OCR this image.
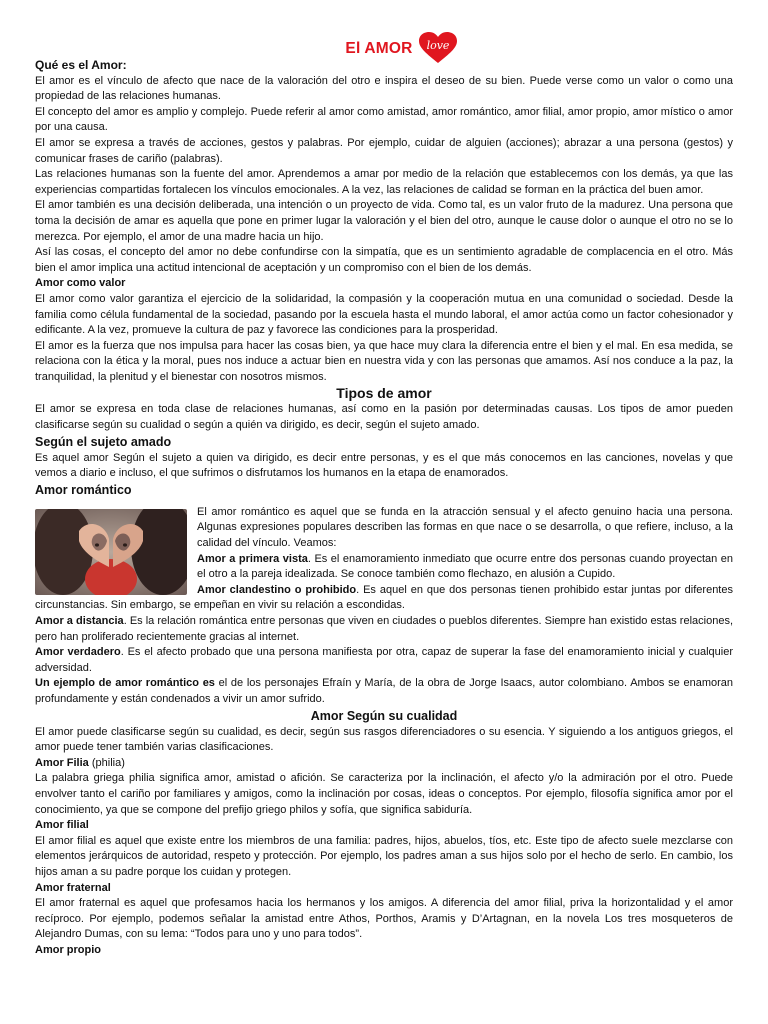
El AMOR love

Qué es el Amor:

El amor es el vínculo de afecto que nace de la valoración del otro e inspira el deseo de su bien. Puede verse como un valor o como una propiedad de las relaciones humanas.

El concepto del amor es amplio y complejo. Puede referir al amor como amistad, amor romántico, amor filial, amor propio, amor místico o amor por una causa.

El amor se expresa a través de acciones, gestos y palabras. Por ejemplo, cuidar de alguien (acciones); abrazar a una persona (gestos) y comunicar frases de cariño (palabras).

Las relaciones humanas son la fuente del amor. Aprendemos a amar por medio de la relación que establecemos con los demás, ya que las experiencias compartidas fortalecen los vínculos emocionales. A la vez, las relaciones de calidad se forman en la práctica del buen amor.

El amor también es una decisión deliberada, una intención o un proyecto de vida. Como tal, es un valor fruto de la madurez. Una persona que toma la decisión de amar es aquella que pone en primer lugar la valoración y el bien del otro, aunque le cause dolor o aunque el otro no se lo merezca. Por ejemplo, el amor de una madre hacia un hijo.

Así las cosas, el concepto del amor no debe confundirse con la simpatía, que es un sentimiento agradable de complacencia en el otro. Más bien el amor implica una actitud intencional de aceptación y un compromiso con el bien de los demás.

Amor como valor

El amor como valor garantiza el ejercicio de la solidaridad, la compasión y la cooperación mutua en una comunidad o sociedad. Desde la familia como célula fundamental de la sociedad, pasando por la escuela hasta el mundo laboral, el amor actúa como un factor cohesionador y edificante. A la vez, promueve la cultura de paz y favorece las condiciones para la prosperidad.

El amor es la fuerza que nos impulsa para hacer las cosas bien, ya que hace muy clara la diferencia entre el bien y el mal. En esa medida, se relaciona con la ética y la moral, pues nos induce a actuar bien en nuestra vida y con las personas que amamos. Así nos conduce a la paz, la tranquilidad, la plenitud y el bienestar con nosotros mismos.

Tipos de amor

El amor se expresa en toda clase de relaciones humanas, así como en la pasión por determinadas causas. Los tipos de amor pueden clasificarse según su cualidad o según a quién va dirigido, es decir, según el sujeto amado.

Según el sujeto amado

Es aquel amor Según el sujeto a quien va dirigido, es decir entre personas, y es el que más conocemos en las canciones, novelas y que vemos a diario e incluso, el que sufrimos o disfrutamos los humanos en la etapa de enamorados.

Amor romántico

El amor romántico es aquel que se funda en la atracción sensual y el afecto genuino hacia una persona. Algunas expresiones populares describen las formas en que nace o se desarrolla, o que refiere, incluso, a la calidad del vínculo. Veamos:

Amor a primera vista. Es el enamoramiento inmediato que ocurre entre dos personas cuando proyectan en el otro a la pareja idealizada. Se conoce también como flechazo, en alusión a Cupido.

Amor clandestino o prohibido. Es aquel en que dos personas tienen prohibido estar juntas por diferentes circunstancias. Sin embargo, se empeñan en vivir su relación a escondidas.

Amor a distancia. Es la relación romántica entre personas que viven en ciudades o pueblos diferentes. Siempre han existido estas relaciones, pero han proliferado recientemente gracias al internet.

Amor verdadero. Es el afecto probado que una persona manifiesta por otra, capaz de superar la fase del enamoramiento inicial y cualquier adversidad.

Un ejemplo de amor romántico es el de los personajes Efraín y María, de la obra de Jorge Isaacs, autor colombiano. Ambos se enamoran profundamente y están condenados a vivir un amor sufrido.

Amor Según su cualidad

El amor puede clasificarse según su cualidad, es decir, según sus rasgos diferenciadores o su esencia. Y siguiendo a los antiguos griegos, el amor puede tener también varias clasificaciones.

Amor Filia (philia)

La palabra griega philia significa amor, amistad o afición. Se caracteriza por la inclinación, el afecto y/o la admiración por el otro. Puede envolver tanto el cariño por familiares y amigos, como la inclinación por cosas, ideas o conceptos. Por ejemplo, filosofía significa amor por el conocimiento, ya que se compone del prefijo griego philos y sofía, que significa sabiduría.

Amor filial

El amor filial es aquel que existe entre los miembros de una familia: padres, hijos, abuelos, tíos, etc. Este tipo de afecto suele mezclarse con elementos jerárquicos de autoridad, respeto y protección. Por ejemplo, los padres aman a sus hijos solo por el hecho de serlo. En cambio, los hijos aman a su padre porque los cuidan y protegen.

Amor fraternal

El amor fraternal es aquel que profesamos hacia los hermanos y los amigos. A diferencia del amor filial, priva la horizontalidad y el amor recíproco. Por ejemplo, podemos señalar la amistad entre Athos, Porthos, Aramis y D’Artagnan, en la novela Los tres mosqueteros de Alejandro Dumas, con su lema: “Todos para uno y uno para todos”.

Amor propio
